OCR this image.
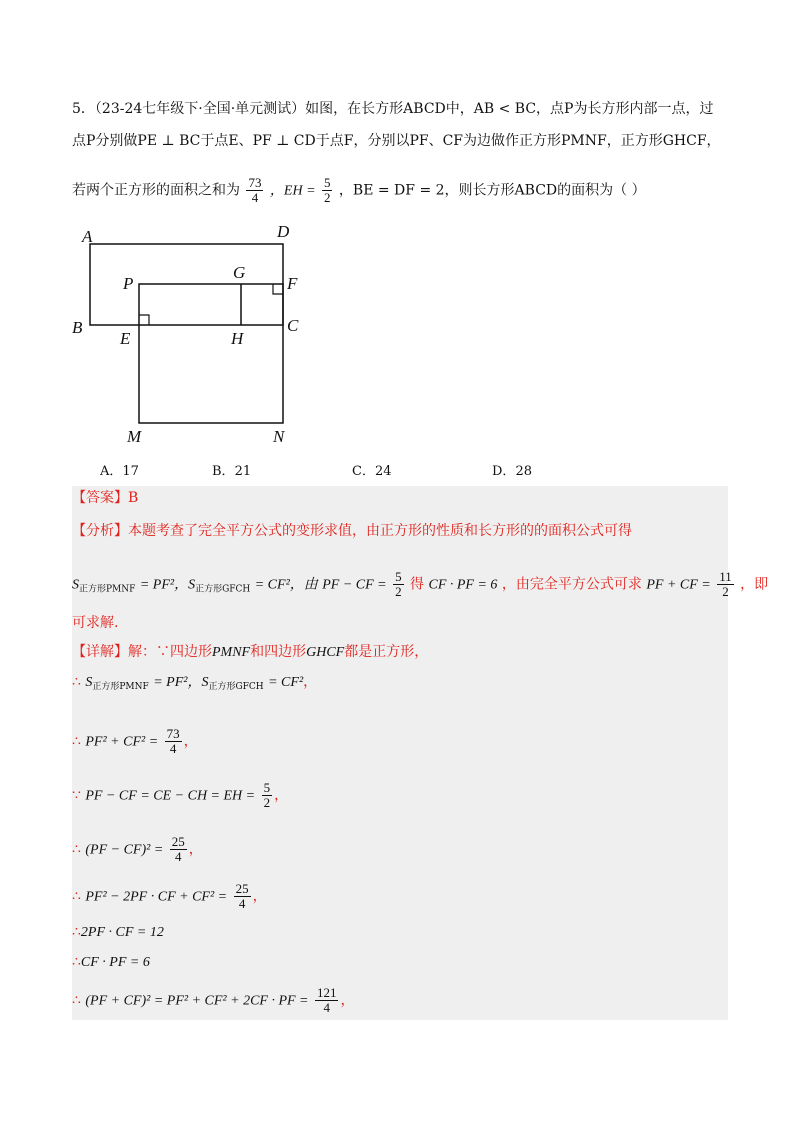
5．（23-24七年级下·全国·单元测试）如图，在长方形ABCD中，AB < BC，点P为长方形内部一点，过
点P分别做PE ⊥ BC于点E、PF ⊥ CD于点F，分别以PF、CF为边做作正方形PMNF，正方形GHCF，
若两个正方形的面积之和为 $\frac{73}{4}$ ，EH = $\frac{5}{2}$ ，BE = DF = 2，则长方形ABCD的面积为（ ）
A	D
P
G
F
B
E	H
C
M	N
A．17	B．21	C．24	D．28
【答案】B
【分析】本题考查了完全平方公式的变形求值，由正方形的性质和长方形的的面积公式可得
$S_{正方形PMNF} = PF^2$，$S_{正方形GFCH} = CF^2$，由 PF − CF = $\frac{5}{2}$ 得 CF · PF = 6 ，由完全平方公式可求 PF + CF = $\frac{11}{2}$ ，即
可求解.
【详解】解：∵四边形PMNF和四边形GHCF都是正方形，
∴ $S_{正方形PMNF} = PF^2$，$S_{正方形GFCH} = CF^2$，
∴ $PF^2 + CF^2 = \frac{73}{4}$ ，
∵ PF − CF = CE − CH = EH = $\frac{5}{2}$ ，
∴ $(PF - CF)^2 = \frac{25}{4}$ ，
∴ PF² − 2PF · CF + $CF^2 = \frac{25}{4}$ ，
∴2PF · CF = 12
∴CF · PF = 6
∴ (PF + CF)² = PF² + CF² + 2CF · PF = $\frac{121}{4}$ ，
